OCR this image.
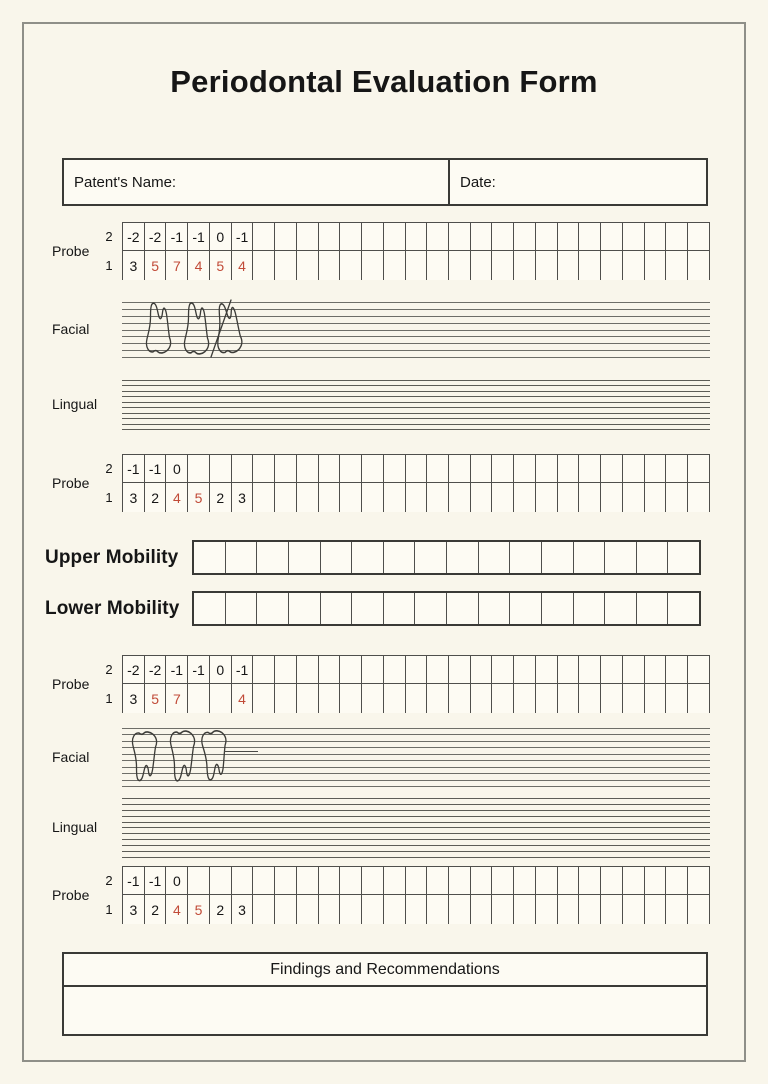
Periodontal Evaluation Form
Patent's Name:	Date:
Probe
2
1
-2 -2 -1 -1 0 -1
3 5 7 4 5 4
Facial
Lingual
Probe
2
1
-1 -1 0
3 2 4 5 2 3
Upper Mobility
Lower Mobility
Probe
2
1
-2 -2 -1 -1 0 -1
3 5 7	4
Facial
Lingual
Probe
2
1
-1 -1 0
3 2 4 5 2 3
Findings and Recommendations
